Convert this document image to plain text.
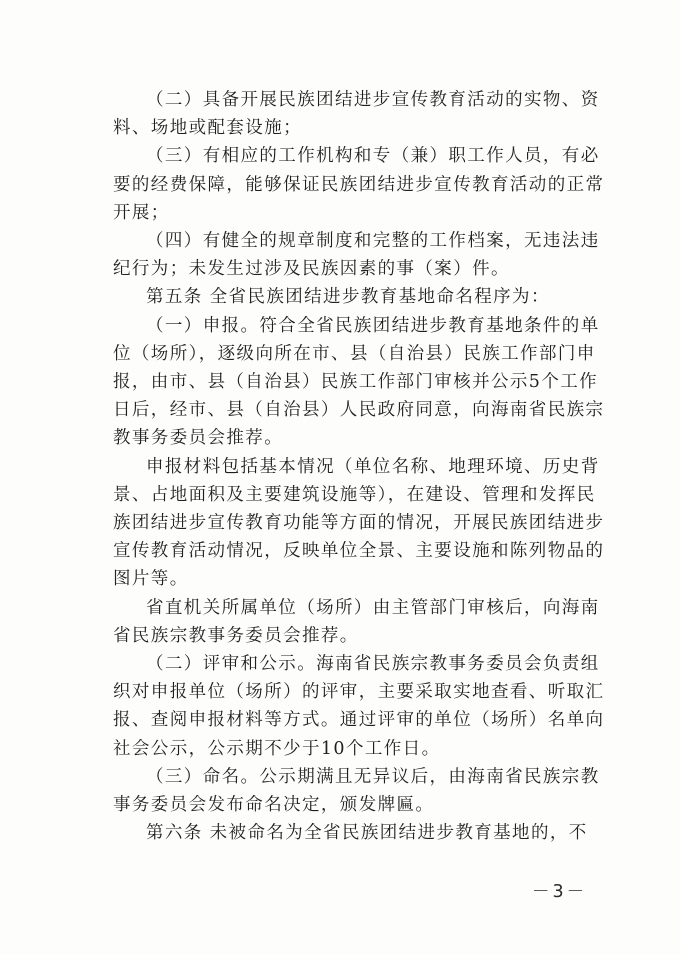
（二）具备开展民族团结进步宣传教育活动的实物、资

料、场地或配套设施；

（三）有相应的工作机构和专（兼）职工作人员，有必

要的经费保障，能够保证民族团结进步宣传教育活动的正常

开展；

（四）有健全的规章制度和完整的工作档案，无违法违

纪行为；未发生过涉及民族因素的事（案）件。

第五条 全省民族团结进步教育基地命名程序为：

（一）申报。符合全省民族团结进步教育基地条件的单

位（场所），逐级向所在市、县（自治县）民族工作部门申

报，由市、县（自治县）民族工作部门审核并公示5个工作

日后，经市、县（自治县）人民政府同意，向海南省民族宗

教事务委员会推荐。

申报材料包括基本情况（单位名称、地理环境、历史背

景、占地面积及主要建筑设施等），在建设、管理和发挥民

族团结进步宣传教育功能等方面的情况，开展民族团结进步

宣传教育活动情况，反映单位全景、主要设施和陈列物品的

图片等。

省直机关所属单位（场所）由主管部门审核后，向海南

省民族宗教事务委员会推荐。

（二）评审和公示。海南省民族宗教事务委员会负责组

织对申报单位（场所）的评审，主要采取实地查看、听取汇

报、查阅申报材料等方式。通过评审的单位（场所）名单向

社会公示，公示期不少于10个工作日。

（三）命名。公示期满且无异议后，由海南省民族宗教

事务委员会发布命名决定，颁发牌匾。

第六条 未被命名为全省民族团结进步教育基地的，不

－3－
